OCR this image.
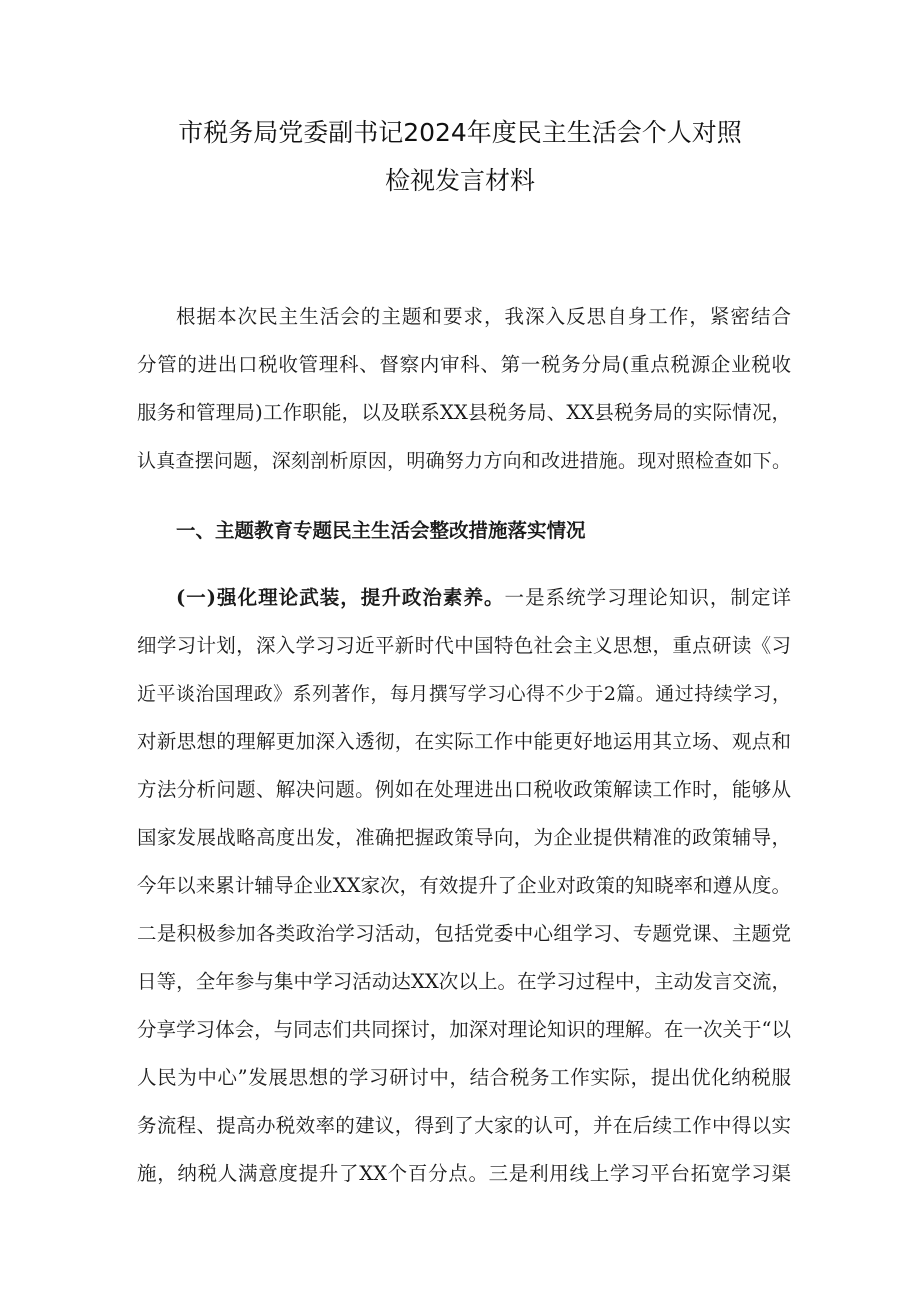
市税务局党委副书记2024年度民主生活会个人对照
检视发言材料
根据本次民主生活会的主题和要求，我深入反思自身工作，紧密结合
分管的进出口税收管理科、督察内审科、第一税务分局(重点税源企业税收
服务和管理局)工作职能，以及联系XX县税务局、XX县税务局的实际情况，
认真查摆问题，深刻剖析原因，明确努力方向和改进措施。现对照检查如下。
一、主题教育专题民主生活会整改措施落实情况
(一)强化理论武装，提升政治素养。一是系统学习理论知识，制定详
细学习计划，深入学习习近平新时代中国特色社会主义思想，重点研读《习
近平谈治国理政》系列著作，每月撰写学习心得不少于2篇。通过持续学习，
对新思想的理解更加深入透彻，在实际工作中能更好地运用其立场、观点和
方法分析问题、解决问题。例如在处理进出口税收政策解读工作时，能够从
国家发展战略高度出发，准确把握政策导向，为企业提供精准的政策辅导，
今年以来累计辅导企业XX家次，有效提升了企业对政策的知晓率和遵从度。
二是积极参加各类政治学习活动，包括党委中心组学习、专题党课、主题党
日等，全年参与集中学习活动达XX次以上。在学习过程中，主动发言交流，
分享学习体会，与同志们共同探讨，加深对理论知识的理解。在一次关于“以
人民为中心”发展思想的学习研讨中，结合税务工作实际，提出优化纳税服
务流程、提高办税效率的建议，得到了大家的认可，并在后续工作中得以实
施，纳税人满意度提升了XX个百分点。三是利用线上学习平台拓宽学习渠
